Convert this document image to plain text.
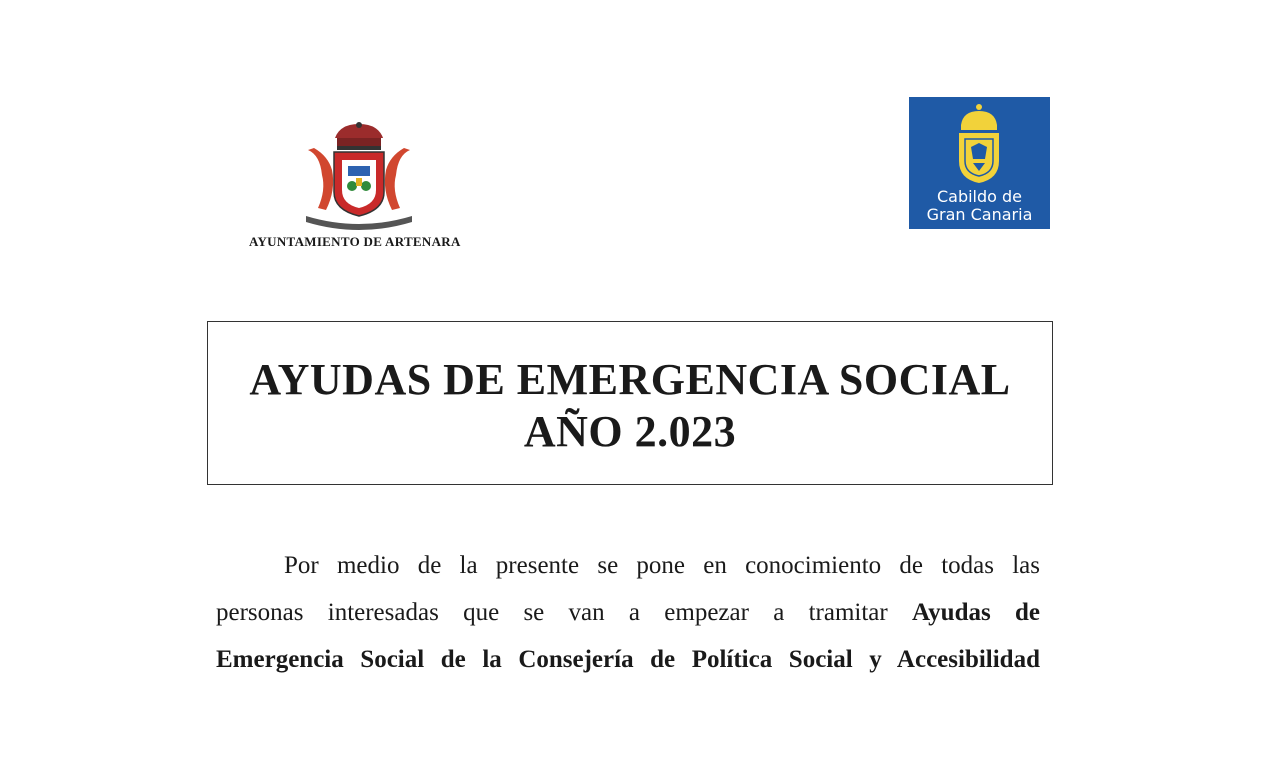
AYUNTAMIENTO DE ARTENARA
Cabildo de
Gran Canaria
AYUDAS DE EMERGENCIA SOCIAL
AÑO 2.023
Por medio de la presente se pone en conocimiento de todas las
personas interesadas que se van a empezar a tramitar Ayudas de
Emergencia Social de la Consejería de Política Social y Accesibilidad
